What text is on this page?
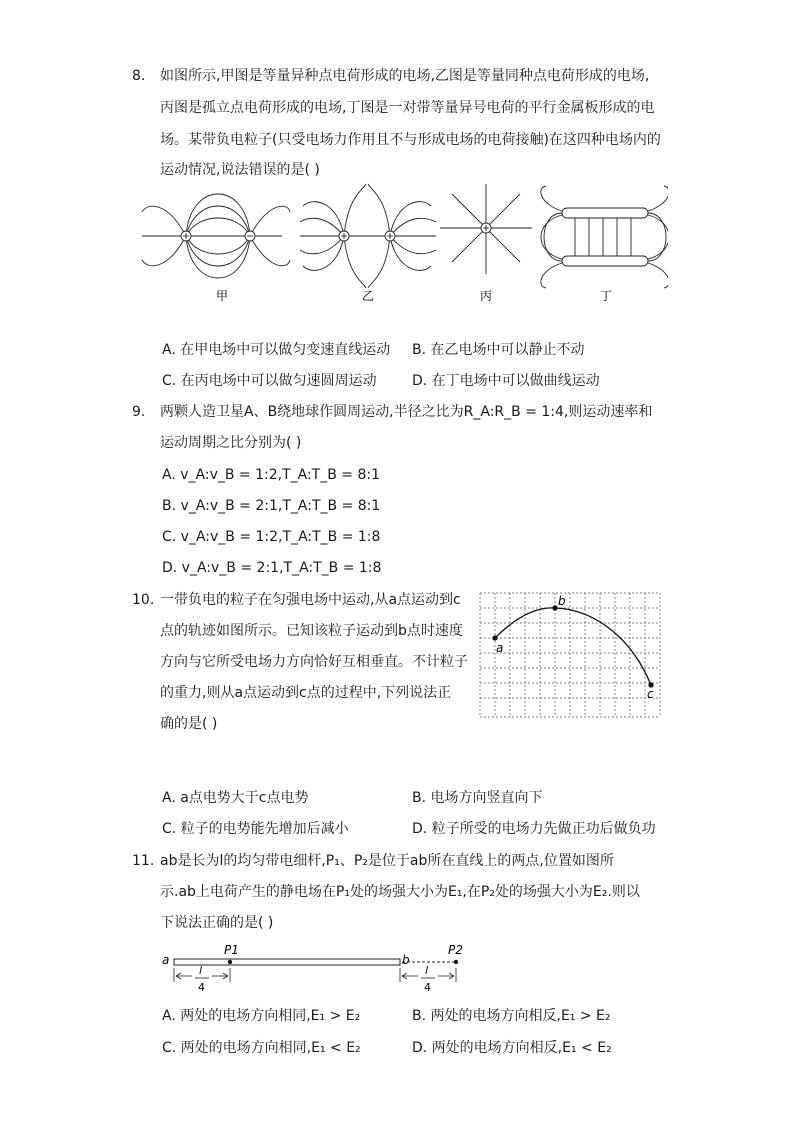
8. 如图所示,甲图是等量异种点电荷形成的电场,乙图是等量同种点电荷形成的电场,
丙图是孤立点电荷形成的电场,丁图是一对带等量异号电荷的平行金属板形成的电
场。某带负电粒子(只受电场力作用且不与形成电场的电荷接触)在这四种电场内的
运动情况,说法错误的是( )
甲	乙	丙	丁
A. 在甲电场中可以做匀变速直线运动 B. 在乙电场中可以静止不动
C. 在丙电场中可以做匀速圆周运动	D. 在丁电场中可以做曲线运动
9. 两颗人造卫星A、B绕地球作圆周运动,半径之比为R_A:R_B = 1:4,则运动速率和
运动周期之比分别为( )
A. v_A:v_B = 1:2,T_A:T_B = 8:1
B. v_A:v_B = 2:1,T_A:T_B = 8:1
C. v_A:v_B = 1:2,T_A:T_B = 1:8
D. v_A:v_B = 2:1,T_A:T_B = 1:8
10. 一带负电的粒子在匀强电场中运动,从a点运动到c
点的轨迹如图所示。已知该粒子运动到b点时速度
方向与它所受电场力方向恰好互相垂直。不计粒子
的重力,则从a点运动到c点的过程中,下列说法正
确的是( )
a
b
c
A. a点电势大于c点电势	B. 电场方向竖直向下
C. 粒子的电势能先增加后减小	D. 粒子所受的电场力先做正功后做负功
11. ab是长为l的均匀带电细杆,P₁、P₂是位于ab所在直线上的两点,位置如图所
示.ab上电荷产生的静电场在P₁处的场强大小为E₁,在P₂处的场强大小为E₂.则以
下说法正确的是( )
a	b
P1	P2
l
4
l
4
A. 两处的电场方向相同,E₁ > E₂	B. 两处的电场方向相反,E₁ > E₂
C. 两处的电场方向相同,E₁ < E₂	D. 两处的电场方向相反,E₁ < E₂
